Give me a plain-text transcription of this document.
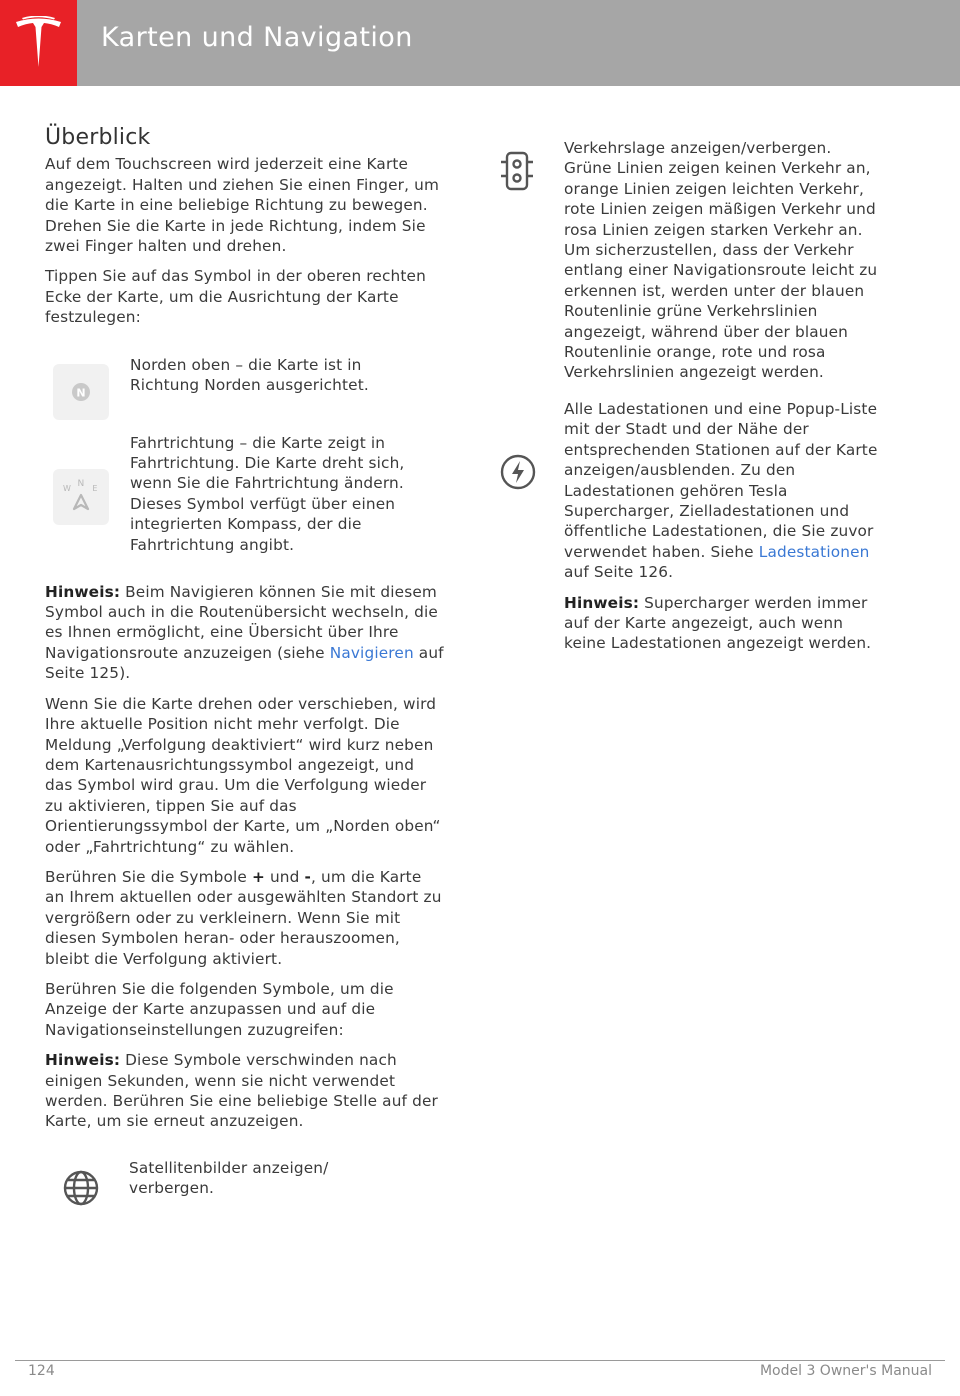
Karten und Navigation
Überblick

Auf dem Touchscreen wird jederzeit eine Karte angezeigt. Halten und ziehen Sie einen Finger, um die Karte in eine beliebige Richtung zu bewegen. Drehen Sie die Karte in jede Richtung, indem Sie zwei Finger halten und drehen.

Tippen Sie auf das Symbol in der oberen rechten Ecke der Karte, um die Ausrichtung der Karte festzulegen:

N
Norden oben – die Karte ist in Richtung Norden ausgerichtet.
N
W	E
Fahrtrichtung – die Karte zeigt in Fahrtrichtung. Die Karte dreht sich, wenn Sie die Fahrtrichtung ändern. Dieses Symbol verfügt über einen integrierten Kompass, der die Fahrtrichtung angibt.

Hinweis: Beim Navigieren können Sie mit diesem Symbol auch in die Routenübersicht wechseln, die es Ihnen ermöglicht, eine Übersicht über Ihre Navigationsroute anzuzeigen (siehe Navigieren auf Seite 125).

Wenn Sie die Karte drehen oder verschieben, wird Ihre aktuelle Position nicht mehr verfolgt. Die Meldung „Verfolgung deaktiviert“ wird kurz neben dem Kartenausrichtungssymbol angezeigt, und das Symbol wird grau. Um die Verfolgung wieder zu aktivieren, tippen Sie auf das Orientierungssymbol der Karte, um „Norden oben“ oder „Fahrtrichtung“ zu wählen.

Berühren Sie die Symbole + und -, um die Karte an Ihrem aktuellen oder ausgewählten Standort zu vergrößern oder zu verkleinern. Wenn Sie mit diesen Symbolen heran- oder herauszoomen, bleibt die Verfolgung aktiviert.

Berühren Sie die folgenden Symbole, um die Anzeige der Karte anzupassen und auf die Navigationseinstellungen zuzugreifen:

Hinweis: Diese Symbole verschwinden nach einigen Sekunden, wenn sie nicht verwendet werden. Berühren Sie eine beliebige Stelle auf der Karte, um sie erneut anzuzeigen.

Satellitenbilder anzeigen/ verbergen.

Verkehrslage anzeigen/verbergen. Grüne Linien zeigen keinen Verkehr an, orange Linien zeigen leichten Verkehr, rote Linien zeigen mäßigen Verkehr und rosa Linien zeigen starken Verkehr an. Um sicherzustellen, dass der Verkehr entlang einer Navigationsroute leicht zu erkennen ist, werden unter der blauen Routenlinie grüne Verkehrslinien angezeigt, während über der blauen Routenlinie orange, rote und rosa Verkehrslinien angezeigt werden.

Alle Ladestationen und eine Popup-Liste mit der Stadt und der Nähe der entsprechenden Stationen auf der Karte anzeigen/ausblenden. Zu den Ladestationen gehören Tesla Supercharger, Zielladestationen und öffentliche Ladestationen, die Sie zuvor verwendet haben. Siehe Ladestationen auf Seite 126.

Hinweis: Supercharger werden immer auf der Karte angezeigt, auch wenn keine Ladestationen angezeigt werden.

124	Model 3 Owner's Manual
